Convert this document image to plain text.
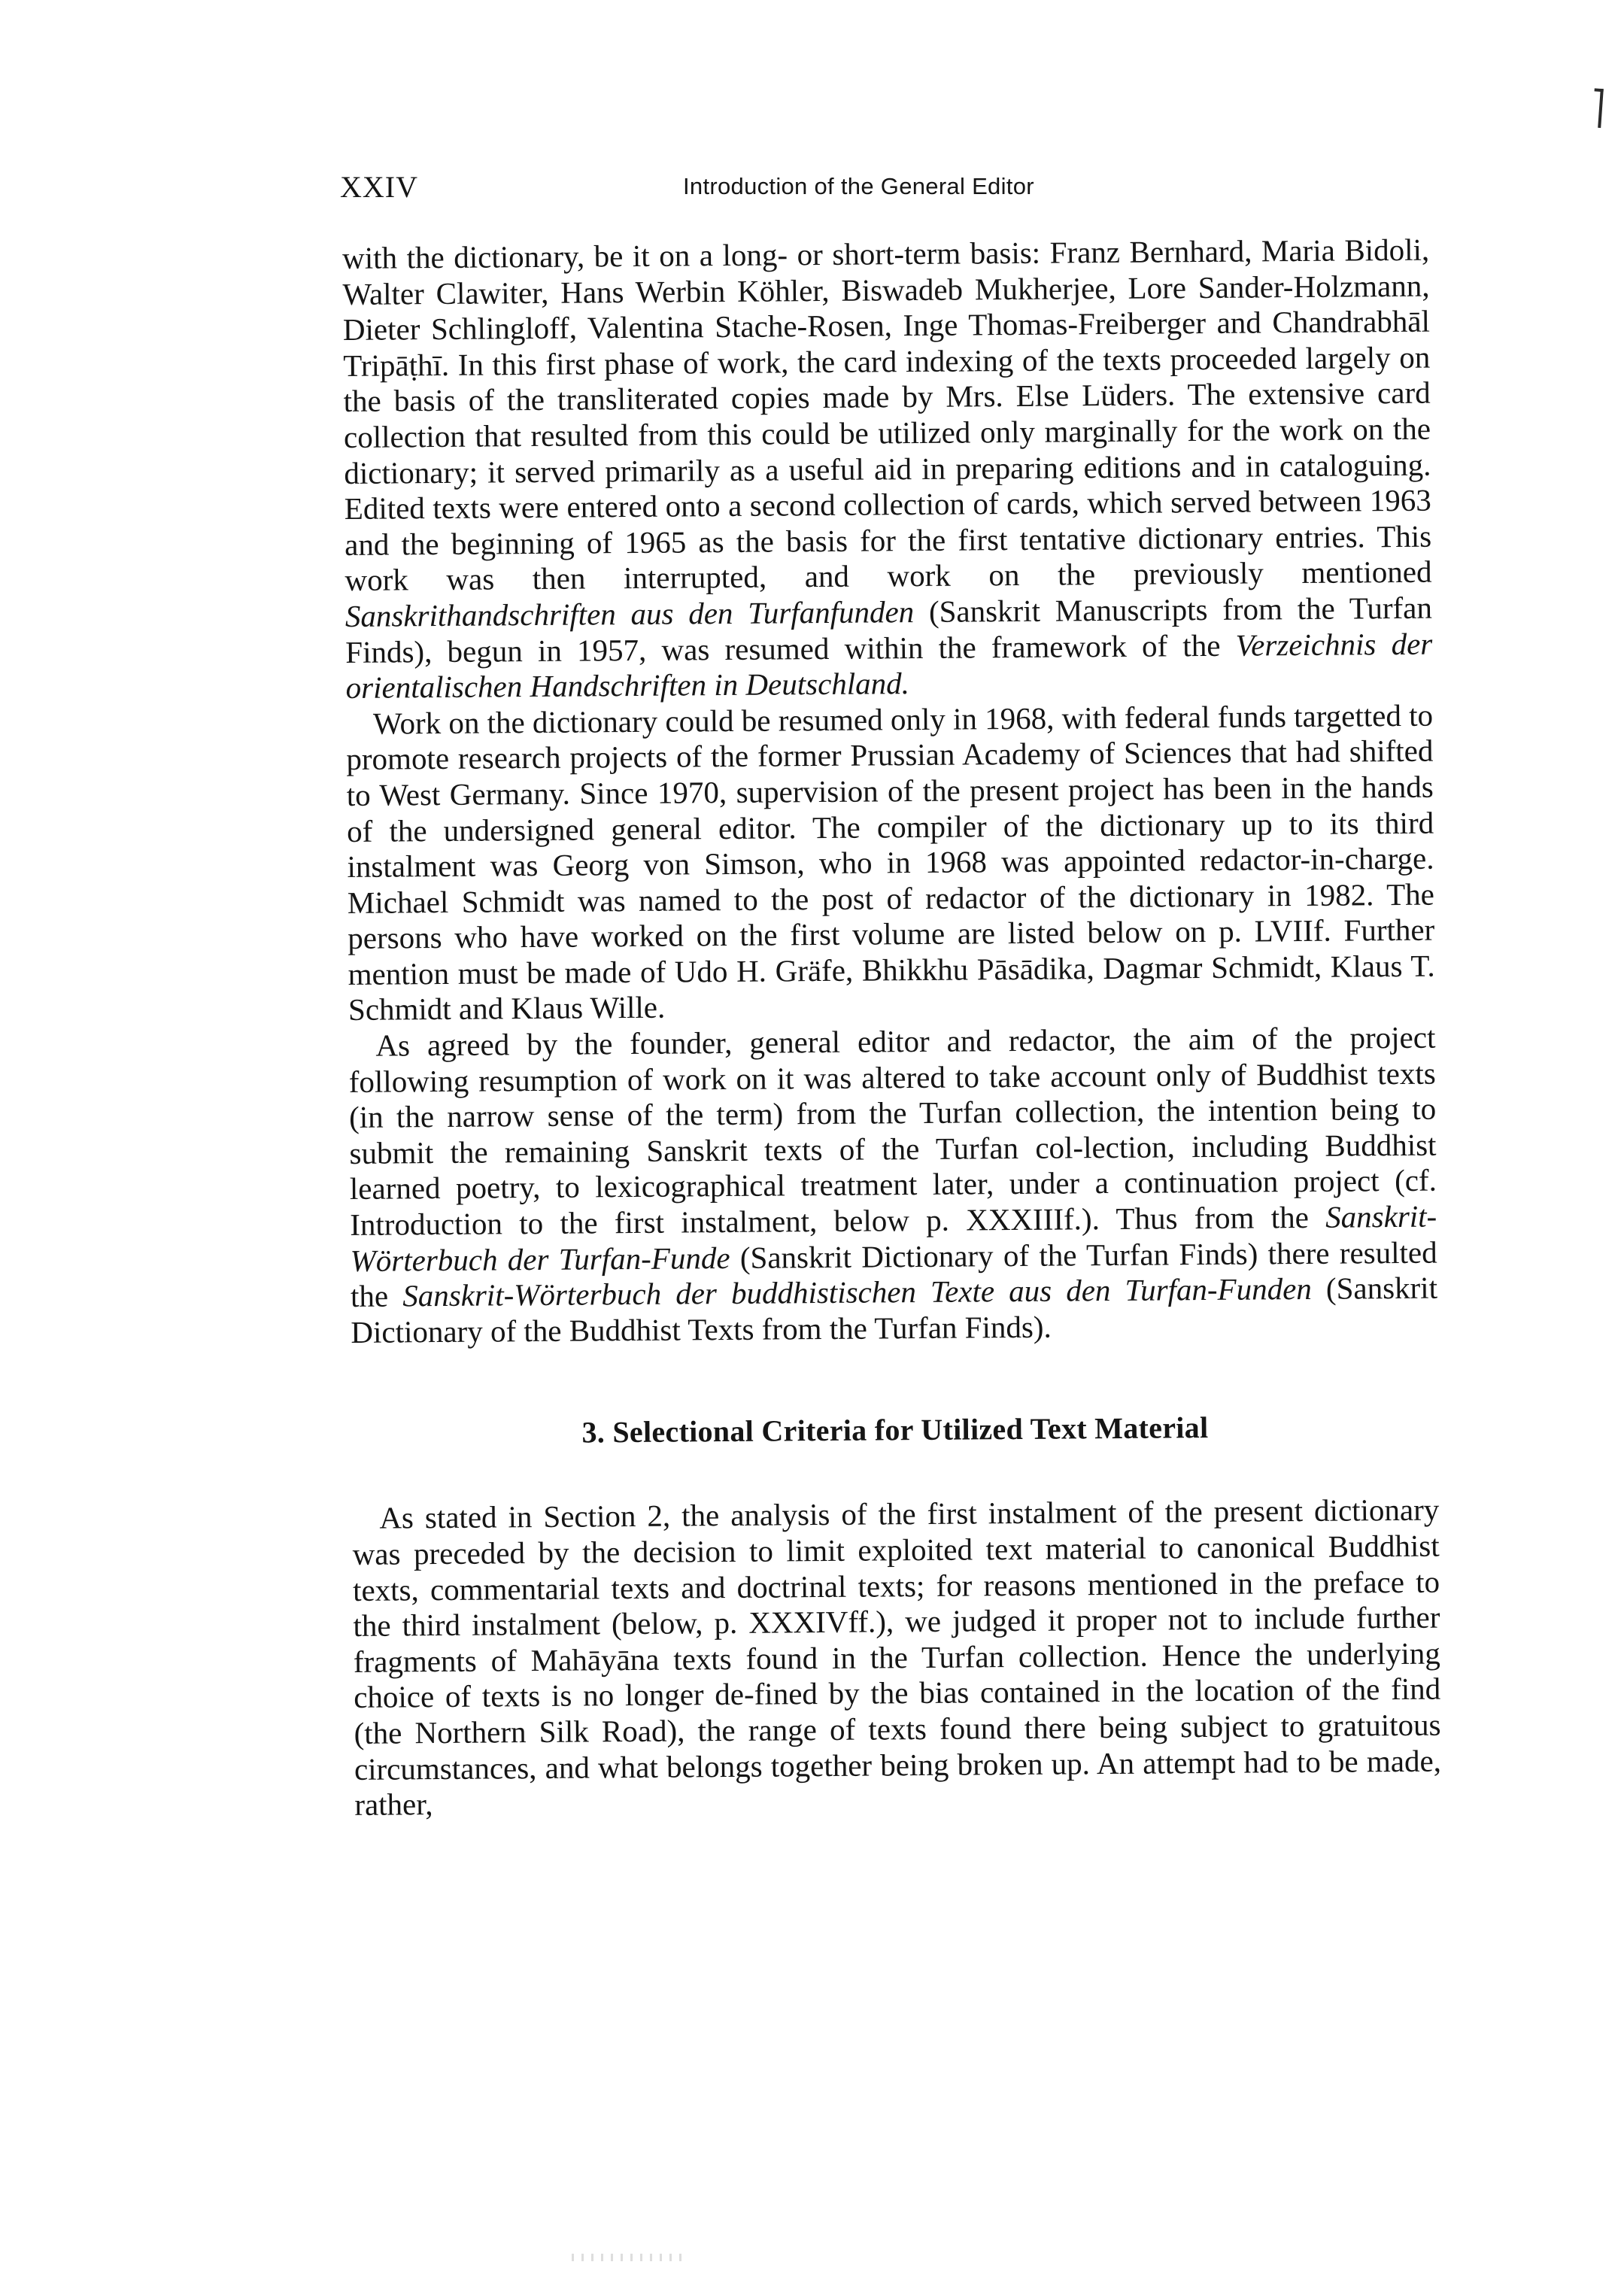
XXIV	Introduction of the General Editor

with the dictionary, be it on a long- or short-term basis: Franz Bernhard, Maria Bidoli, Walter Clawiter, Hans Werbin Köhler, Biswadeb Mukherjee, Lore Sander-Holzmann, Dieter Schlingloff, Valentina Stache-Rosen, Inge Thomas-Freiberger and Chandrabhāl Tripāṭhī. In this first phase of work, the card indexing of the texts proceeded largely on the basis of the transliterated copies made by Mrs. Else Lüders. The extensive card collection that resulted from this could be utilized only marginally for the work on the dictionary; it served primarily as a useful aid in preparing editions and in cataloguing. Edited texts were entered onto a second collection of cards, which served between 1963 and the beginning of 1965 as the basis for the first tentative dictionary entries. This work was then interrupted, and work on the previously mentioned Sanskrithandschriften aus den Turfanfunden (Sanskrit Manuscripts from the Turfan Finds), begun in 1957, was resumed within the framework of the Verzeichnis der orientalischen Handschriften in Deutschland.

Work on the dictionary could be resumed only in 1968, with federal funds targetted to promote research projects of the former Prussian Academy of Sciences that had shifted to West Germany. Since 1970, supervision of the present project has been in the hands of the undersigned general editor. The compiler of the dictionary up to its third instalment was Georg von Simson, who in 1968 was appointed redactor-in-charge. Michael Schmidt was named to the post of redactor of the dictionary in 1982. The persons who have worked on the first volume are listed below on p. LVIIf. Further mention must be made of Udo H. Gräfe, Bhikkhu Pāsādika, Dagmar Schmidt, Klaus T. Schmidt and Klaus Wille.

As agreed by the founder, general editor and redactor, the aim of the project following resumption of work on it was altered to take account only of Buddhist texts (in the narrow sense of the term) from the Turfan collection, the intention being to submit the remaining Sanskrit texts of the Turfan col-lection, including Buddhist learned poetry, to lexicographical treatment later, under a continuation project (cf. Introduction to the first instalment, below p. XXXIIIf.). Thus from the Sanskrit-Wörterbuch der Turfan-Funde (Sanskrit Dictionary of the Turfan Finds) there resulted the Sanskrit-Wörterbuch der buddhistischen Texte aus den Turfan-Funden (Sanskrit Dictionary of the Buddhist Texts from the Turfan Finds).

3. Selectional Criteria for Utilized Text Material

As stated in Section 2, the analysis of the first instalment of the present dictionary was preceded by the decision to limit exploited text material to canonical Buddhist texts, commentarial texts and doctrinal texts; for reasons mentioned in the preface to the third instalment (below, p. XXXIVff.), we judged it proper not to include further fragments of Mahāyāna texts found in the Turfan collection. Hence the underlying choice of texts is no longer de-fined by the bias contained in the location of the find (the Northern Silk Road), the range of texts found there being subject to gratuitous circumstances, and what belongs together being broken up. An attempt had to be made, rather,
